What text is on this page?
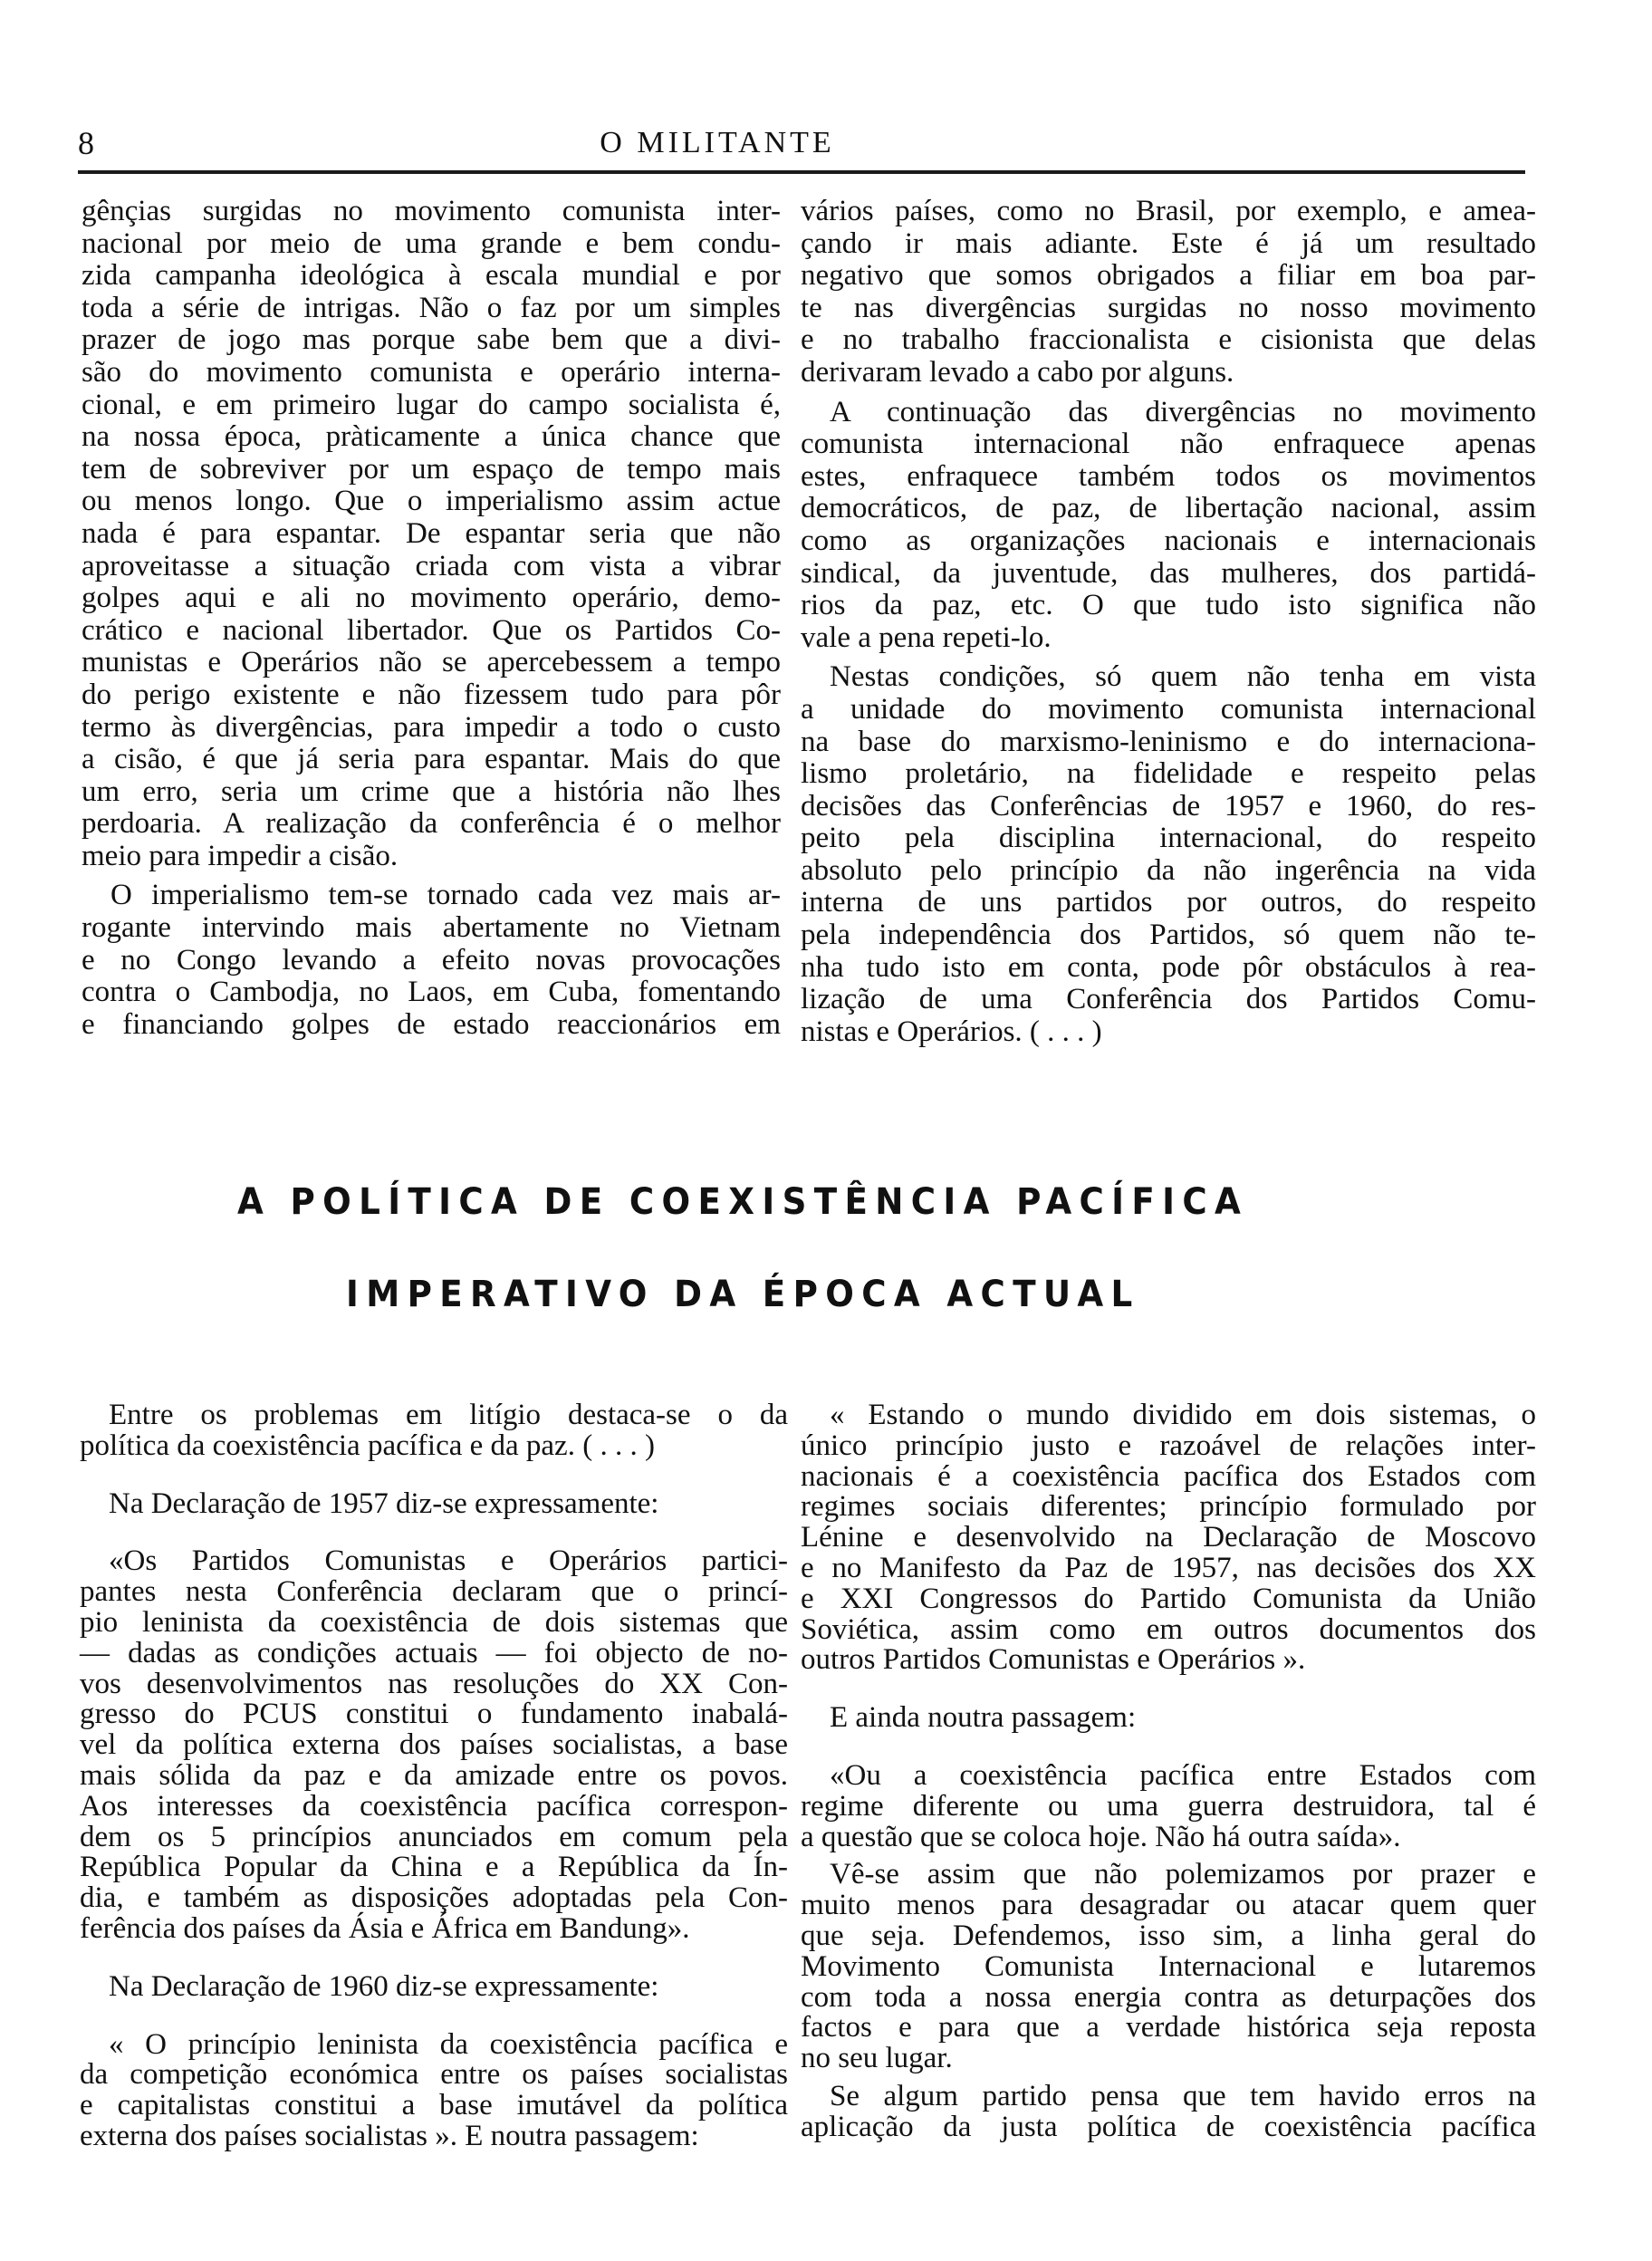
8	O MILITANTE
gênçias surgidas no movimento comunista inter-
nacional por meio de uma grande e bem condu-
zida campanha ideológica à escala mundial e por
toda a série de intrigas. Não o faz por um simples
prazer de jogo mas porque sabe bem que a divi-
são do movimento comunista e operário interna-
cional, e em primeiro lugar do campo socialista é,
na nossa época, pràticamente a única chance que
tem de sobreviver por um espaço de tempo mais
ou menos longo. Que o imperialismo assim actue
nada é para espantar. De espantar seria que não
aproveitasse a situação criada com vista a vibrar
golpes aqui e ali no movimento operário, demo-
crático e nacional libertador. Que os Partidos Co-
munistas e Operários não se apercebessem a tempo
do perigo existente e não fizessem tudo para pôr
termo às divergências, para impedir a todo o custo
a cisão, é que já seria para espantar. Mais do que
um erro, seria um crime que a história não lhes
perdoaria. A realização da conferência é o melhor
meio para impedir a cisão.
O imperialismo tem-se tornado cada vez mais ar-
rogante intervindo mais abertamente no Vietnam
e no Congo levando a efeito novas provocações
contra o Cambodja, no Laos, em Cuba, fomentando
e financiando golpes de estado reaccionários em
vários países, como no Brasil, por exemplo, e amea-
çando ir mais adiante. Este é já um resultado
negativo que somos obrigados a filiar em boa par-
te nas divergências surgidas no nosso movimento
e no trabalho fraccionalista e cisionista que delas
derivaram levado a cabo por alguns.
A continuação das divergências no movimento
comunista internacional não enfraquece apenas
estes, enfraquece também todos os movimentos
democráticos, de paz, de libertação nacional, assim
como as organizações nacionais e internacionais
sindical, da juventude, das mulheres, dos partidá-
rios da paz, etc. O que tudo isto significa não
vale a pena repeti-lo.
Nestas condições, só quem não tenha em vista
a unidade do movimento comunista internacional
na base do marxismo-leninismo e do internaciona-
lismo proletário, na fidelidade e respeito pelas
decisões das Conferências de 1957 e 1960, do res-
peito pela disciplina internacional, do respeito
absoluto pelo princípio da não ingerência na vida
interna de uns partidos por outros, do respeito
pela independência dos Partidos, só quem não te-
nha tudo isto em conta, pode pôr obstáculos à rea-
lização de uma Conferência dos Partidos Comu-
nistas e Operários. ( . . . )
A POLÍTICA DE COEXISTÊNCIA PACÍFICA
IMPERATIVO DA ÉPOCA ACTUAL
Entre os problemas em litígio destaca-se o da
política da coexistência pacífica e da paz. ( . . . )
Na Declaração de 1957 diz-se expressamente:
«Os Partidos Comunistas e Operários partici-
pantes nesta Conferência declaram que o princí-
pio leninista da coexistência de dois sistemas que
— dadas as condições actuais — foi objecto de no-
vos desenvolvimentos nas resoluções do XX Con-
gresso do PCUS constitui o fundamento inabalá-
vel da política externa dos países socialistas, a base
mais sólida da paz e da amizade entre os povos.
Aos interesses da coexistência pacífica correspon-
dem os 5 princípios anunciados em comum pela
República Popular da China e a República da Ín-
dia, e também as disposições adoptadas pela Con-
ferência dos países da Ásia e África em Bandung».
Na Declaração de 1960 diz-se expressamente:
« O princípio leninista da coexistência pacífica e
da competição económica entre os países socialistas
e capitalistas constitui a base imutável da política
externa dos países socialistas ». E noutra passagem:
« Estando o mundo dividido em dois sistemas, o
único princípio justo e razoável de relações inter-
nacionais é a coexistência pacífica dos Estados com
regimes sociais diferentes; princípio formulado por
Lénine e desenvolvido na Declaração de Moscovo
e no Manifesto da Paz de 1957, nas decisões dos XX
e XXI Congressos do Partido Comunista da União
Soviética, assim como em outros documentos dos
outros Partidos Comunistas e Operários ».
E ainda noutra passagem:
«Ou a coexistência pacífica entre Estados com
regime diferente ou uma guerra destruidora, tal é
a questão que se coloca hoje. Não há outra saída».
Vê-se assim que não polemizamos por prazer e
muito menos para desagradar ou atacar quem quer
que seja. Defendemos, isso sim, a linha geral do
Movimento Comunista Internacional e lutaremos
com toda a nossa energia contra as deturpações dos
factos e para que a verdade histórica seja reposta
no seu lugar.
Se algum partido pensa que tem havido erros na
aplicação da justa política de coexistência pacífica
